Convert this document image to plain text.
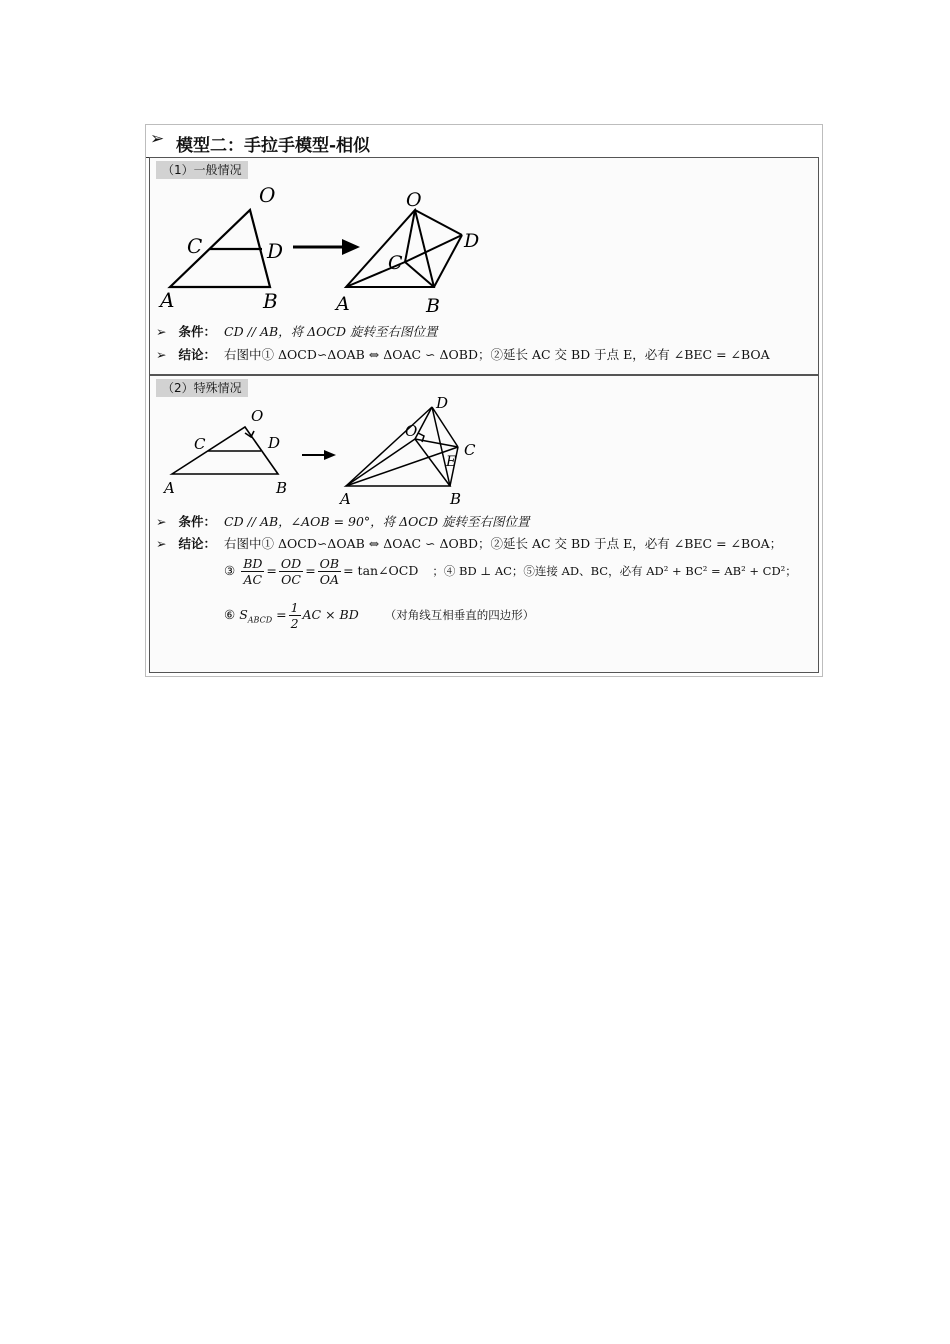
➢ 模型二：手拉手模型-相似
（1）一般情况
O
C	D
A	B
O
C
D
A	B
➢ 条件： CD // AB，将 ΔOCD 旋转至右图位置
➢ 结论： 右图中① ΔOCD∽ΔOAB ⇔ ΔOAC ∽ ΔOBD；②延长 AC 交 BD 于点 E，必有 ∠BEC = ∠BOA
（2）特殊情况
O
C	D
A	B
O
D
C
E
A	B
➢ 条件： CD // AB，∠AOB = 90°，将 ΔOCD 旋转至右图位置
➢ 结论： 右图中① ΔOCD∽ΔOAB ⇔ ΔOAC ∽ ΔOBD；②延长 AC 交 BD 于点 E，必有 ∠BEC = ∠BOA；
③ $\frac{BD}{AC} = \frac{OD}{OC} = \frac{OB}{OA}$ = tan∠OCD ；④ BD ⊥ AC；⑤连接 AD、BC，必有 AD² + BC² = AB² + CD²；
⑥ $S_{ABCD} = \frac{1}{2}$ AC × BD （对角线互相垂直的四边形）
